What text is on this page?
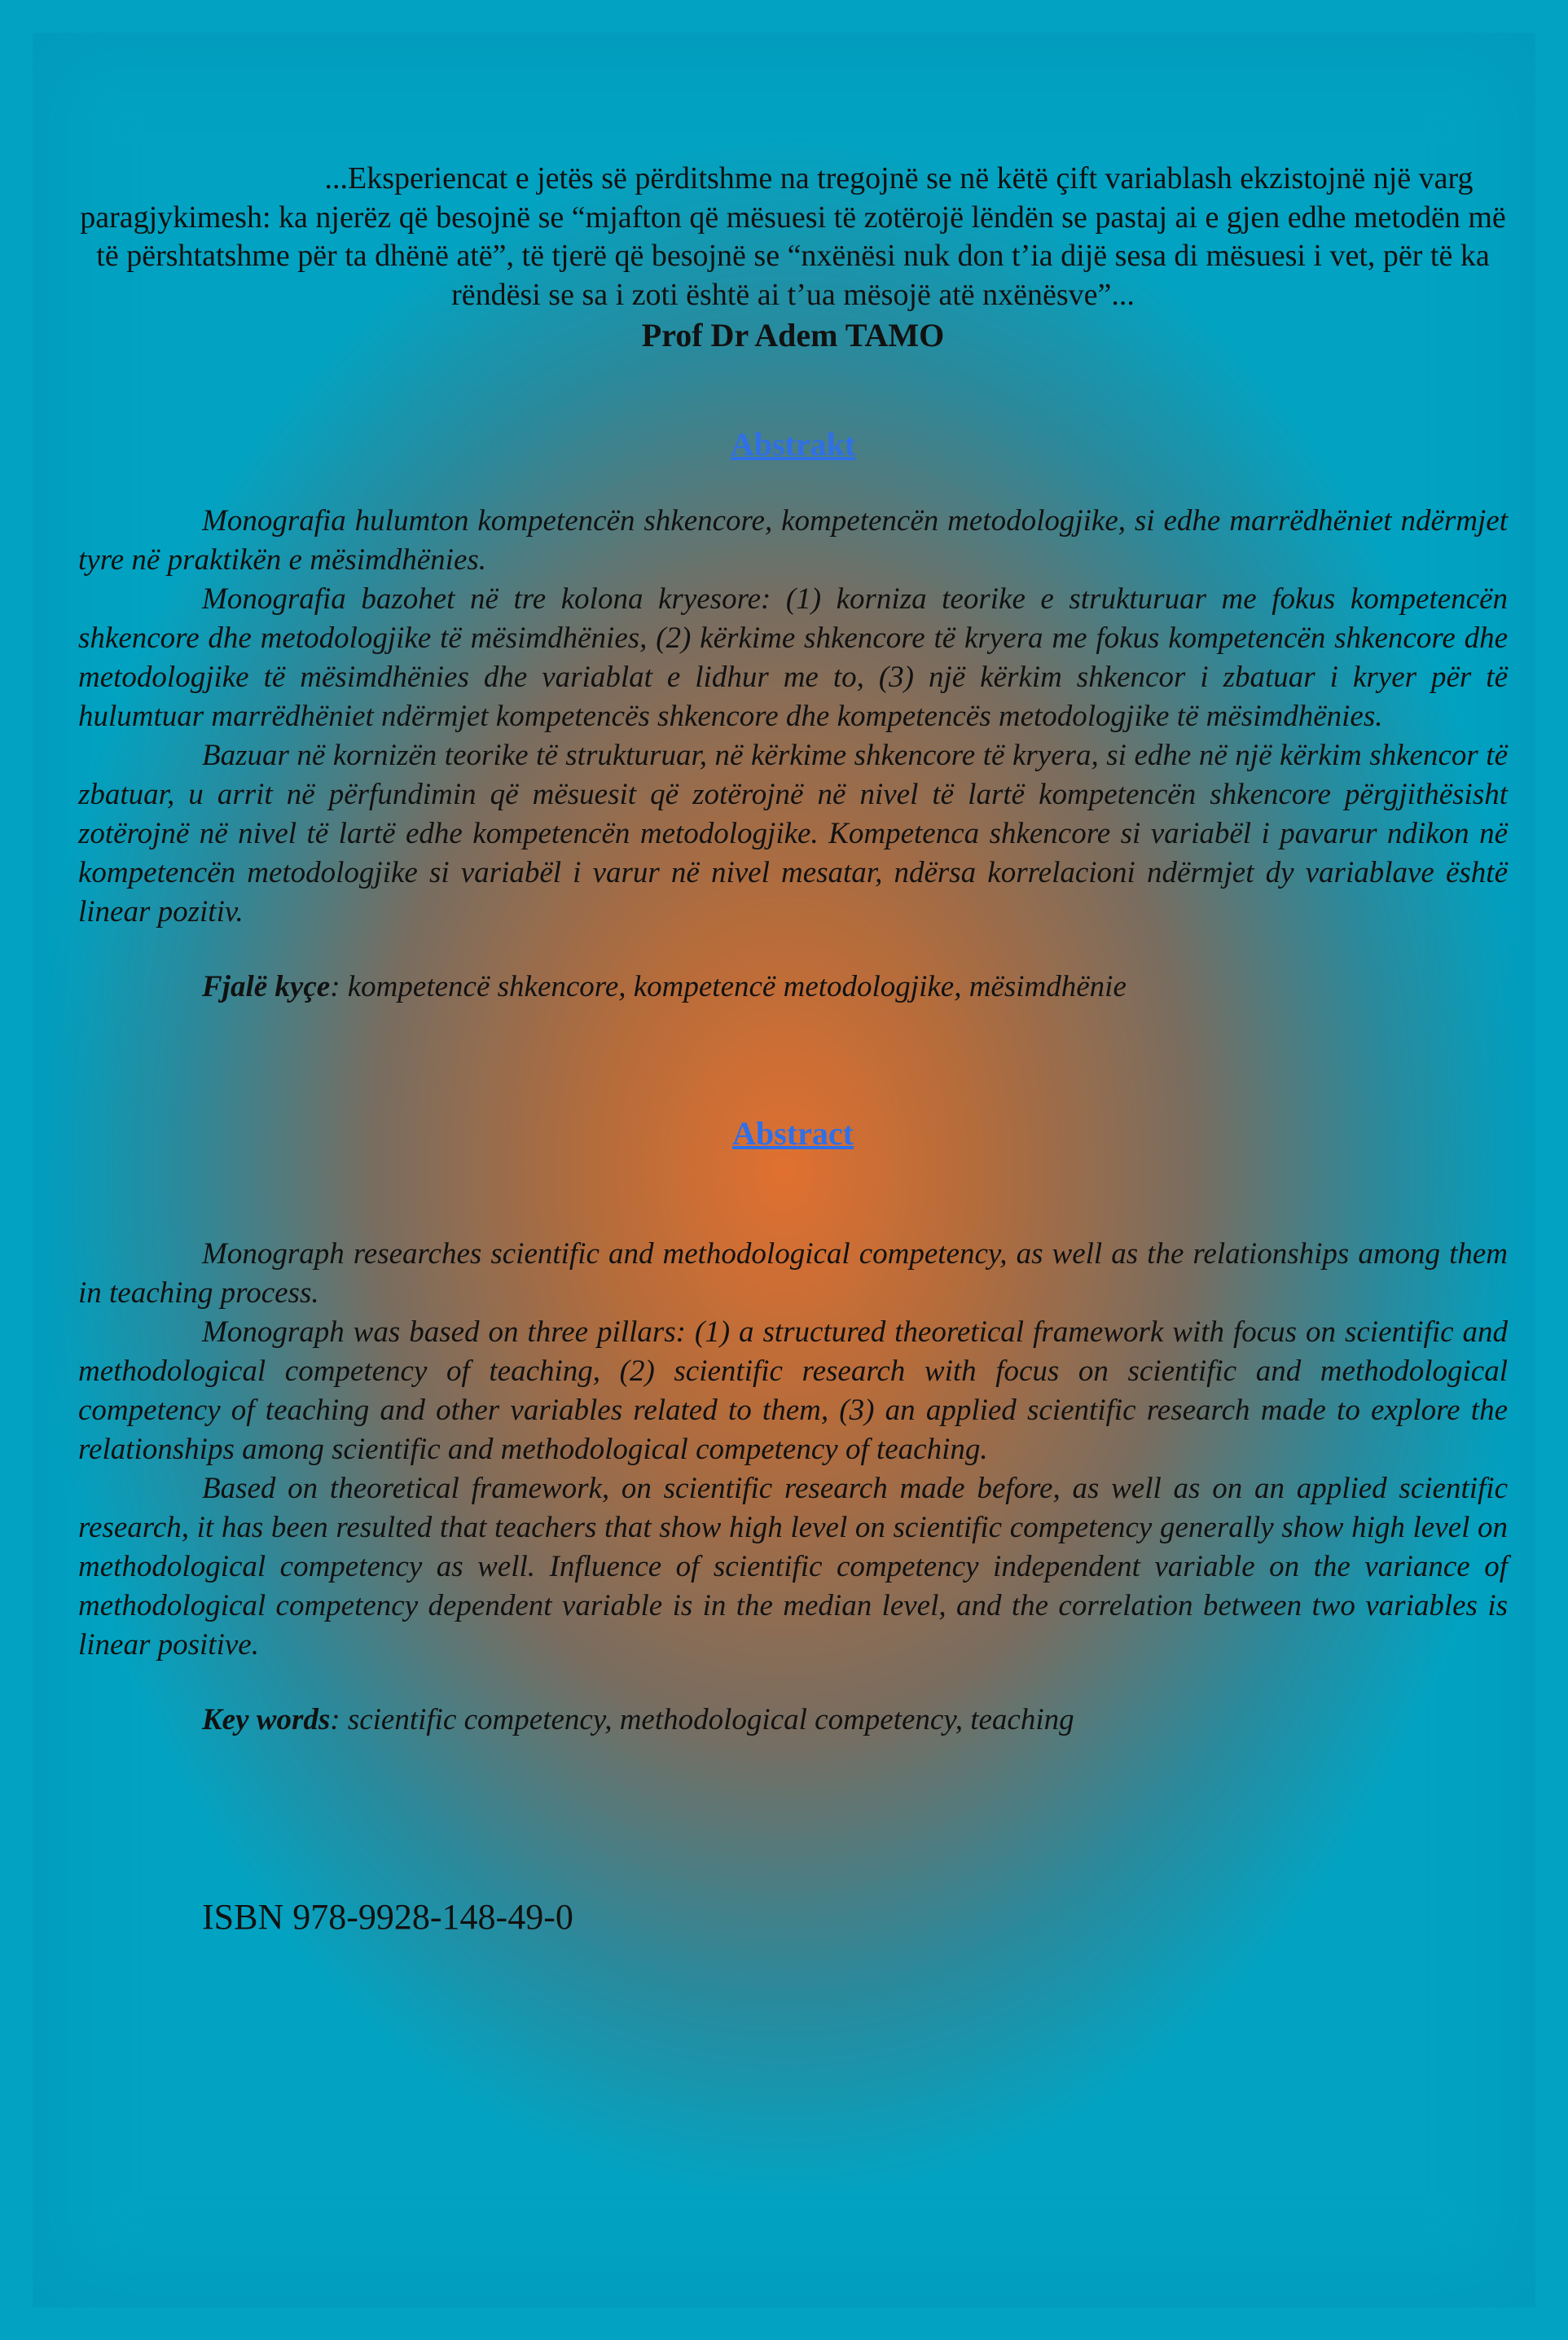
...Eksperiencat e jetës së përditshme na tregojnë se në këtë çift variablash ekzistojnë një varg paragjykimesh: ka njerëz që besojnë se “mjafton që mësuesi të zotërojë lëndën se pastaj ai e gjen edhe metodën më të përshtatshme për ta dhënë atë”, të tjerë që besojnë se “nxënësi nuk don t’ia dijë sesa di mësuesi i vet, për të ka rëndësi se sa i zoti është ai t’ua mësojë atë nxënësve”...

Prof Dr Adem TAMO

Abstrakt

Monografia hulumton kompetencën shkencore, kompetencën metodologjike, si edhe marrëdhëniet ndërmjet tyre në praktikën e mësimdhënies.

Monografia bazohet në tre kolona kryesore: (1) korniza teorike e strukturuar me fokus kompetencën shkencore dhe metodologjike të mësimdhënies, (2) kërkime shkencore të kryera me fokus kompetencën shkencore dhe metodologjike të mësimdhënies dhe variablat e lidhur me to, (3) një kërkim shkencor i zbatuar i kryer për të hulumtuar marrëdhëniet ndërmjet kompetencës shkencore dhe kompetencës metodologjike të mësimdhënies.

Bazuar në kornizën teorike të strukturuar, në kërkime shkencore të kryera, si edhe në një kërkim shkencor të zbatuar, u arrit në përfundimin që mësuesit që zotërojnë në nivel të lartë kompetencën shkencore përgjithësisht zotërojnë në nivel të lartë edhe kompetencën metodologjike. Kompetenca shkencore si variabël i pavarur ndikon në kompetencën metodologjike si variabël i varur në nivel mesatar, ndërsa korrelacioni ndërmjet dy variablave është linear pozitiv.

Fjalë kyçe: kompetencë shkencore, kompetencë metodologjike, mësimdhënie

Abstract

Monograph researches scientific and methodological competency, as well as the relationships among them in teaching process.

Monograph was based on three pillars: (1) a structured theoretical framework with focus on scientific and methodological competency of teaching, (2) scientific research with focus on scientific and methodological competency of teaching and other variables related to them, (3) an applied scientific research made to explore the relationships among scientific and methodological competency of teaching.

Based on theoretical framework, on scientific research made before, as well as on an applied scientific research, it has been resulted that teachers that show high level on scientific competency generally show high level on methodological competency as well. Influence of scientific competency independent variable on the variance of methodological competency dependent variable is in the median level, and the correlation between two variables is linear positive.

Key words: scientific competency, methodological competency, teaching

ISBN 978-9928-148-49-0
